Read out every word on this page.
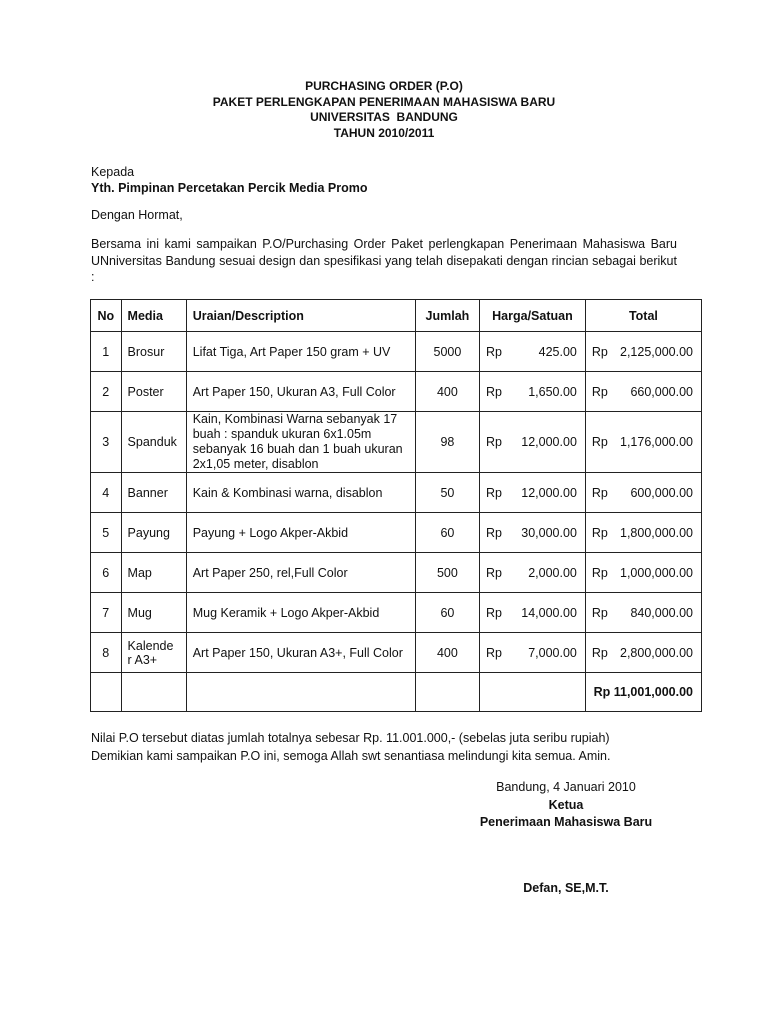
PURCHASING ORDER (P.O)
PAKET PERLENGKAPAN PENERIMAAN MAHASISWA BARU
UNIVERSITAS  BANDUNG
TAHUN 2010/2011
Kepada
Yth. Pimpinan Percetakan Percik Media Promo
Dengan Hormat,
Bersama ini kami sampaikan P.O/Purchasing Order Paket perlengkapan Penerimaan Mahasiswa Baru UNniversitas Bandung sesuai design dan spesifikasi yang telah disepakati dengan rincian sebagai berikut :
No	Media	Uraian/Description	Jumlah	Harga/Satuan	Total
1	Brosur	Lifat Tiga, Art Paper 150 gram + UV	5000	Rp 425.00	Rp 2,125,000.00

2	Poster	Art Paper 150, Ukuran A3, Full Color	400	Rp 1,650.00	Rp 660,000.00

3	Spanduk	Kain, Kombinasi Warna sebanyak 17 buah : spanduk ukuran 6x1.05m sebanyak 16 buah dan 1 buah ukuran 2x1,05 meter, disablon	98	Rp 12,000.00	Rp 1,176,000.00

4	Banner	Kain & Kombinasi warna, disablon	50	Rp 12,000.00	Rp 600,000.00

5	Payung	Payung + Logo Akper-Akbid	60	Rp 30,000.00	Rp 1,800,000.00

6	Map	Art Paper 250, rel,Full Color	500	Rp 2,000.00	Rp 1,000,000.00

7	Mug	Mug Keramik + Logo Akper-Akbid	60	Rp 14,000.00	Rp 840,000.00

8	Kalende r A3+	Art Paper 150, Ukuran A3+, Full Color	400	Rp 7,000.00	Rp 2,800,000.00

					Rp 11,001,000.00
Nilai P.O tersebut diatas jumlah totalnya sebesar Rp. 11.001.000,- (sebelas juta seribu rupiah)
Demikian kami sampaikan P.O ini, semoga Allah swt senantiasa melindungi kita semua. Amin.
Bandung, 4 Januari 2010
Ketua
Penerimaan Mahasiswa Baru
Defan, SE,M.T.
